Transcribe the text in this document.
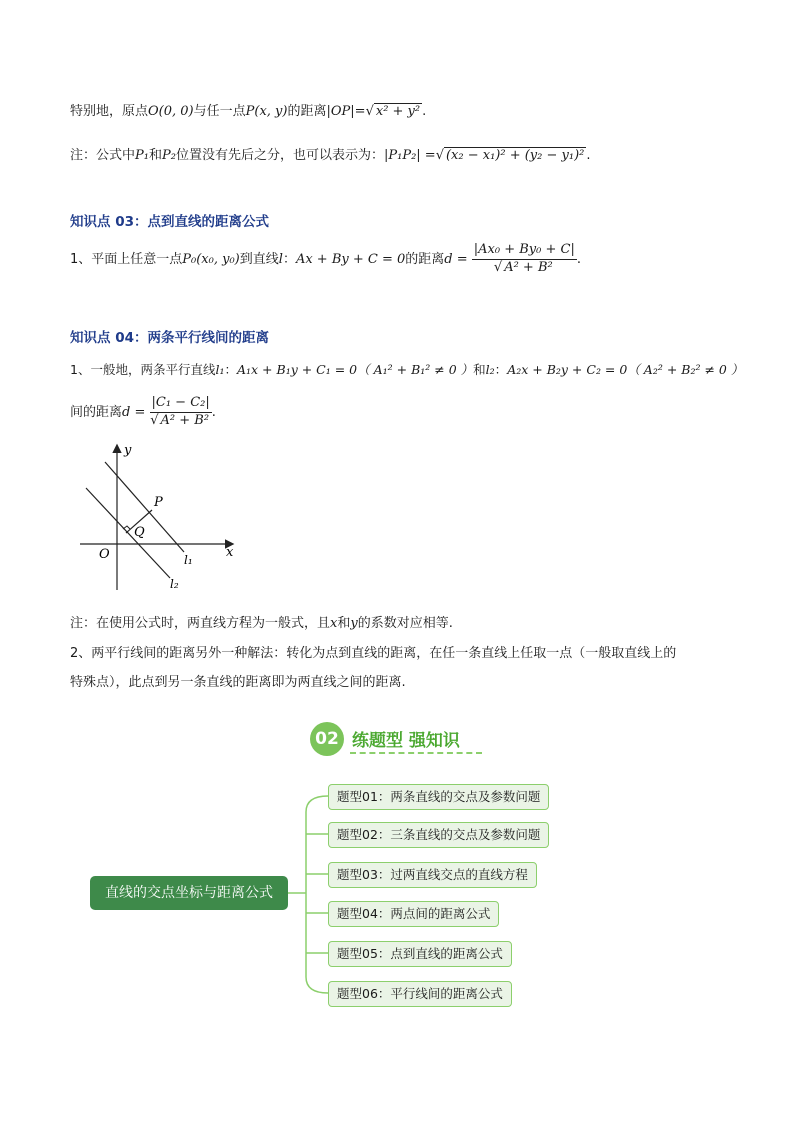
特别地，原点O(0, 0)与任一点P(x, y)的距离|OP|=√ x² + y² .
注：公式中P₁和P₂位置没有先后之分，也可以表示为：|P₁P₂| =√ (x₂ − x₁)² + (y₂ − y₁)² .
知识点 03：点到直线的距离公式
1、平面上任意一点P₀(x₀, y₀)到直线l：Ax + By + C = 0的距离$d = \frac{\text{|Ax₀ + By₀ + C|}}{\text{√ A² + B²}}$ .
知识点 04：两条平行线间的距离
1、一般地，两条平行直线l₁：A₁x + B₁y + C₁ = 0（ A₁² + B₁² ≠ 0 ）和l₂：A₂x + B₂y + C₂ = 0（ A₂² + B₂² ≠ 0 ）
间的距离$d = \frac{\text{|C₁ − C₂|}}{\text{√ A² + B²}}$ .
y
x
O
P
Q
l₁
l₂
注：在使用公式时，两直线方程为一般式，且x和y的系数对应相等.
2、两平行线间的距离另外一种解法：转化为点到直线的距离，在任一条直线上任取一点（一般取直线上的
特殊点），此点到另一条直线的距离即为两直线之间的距离.
02 练题型 强知识
直线的交点坐标与距离公式
题型01：两条直线的交点及参数问题
题型02：三条直线的交点及参数问题
题型03：过两直线交点的直线方程
题型04：两点间的距离公式
题型05：点到直线的距离公式
题型06：平行线间的距离公式
